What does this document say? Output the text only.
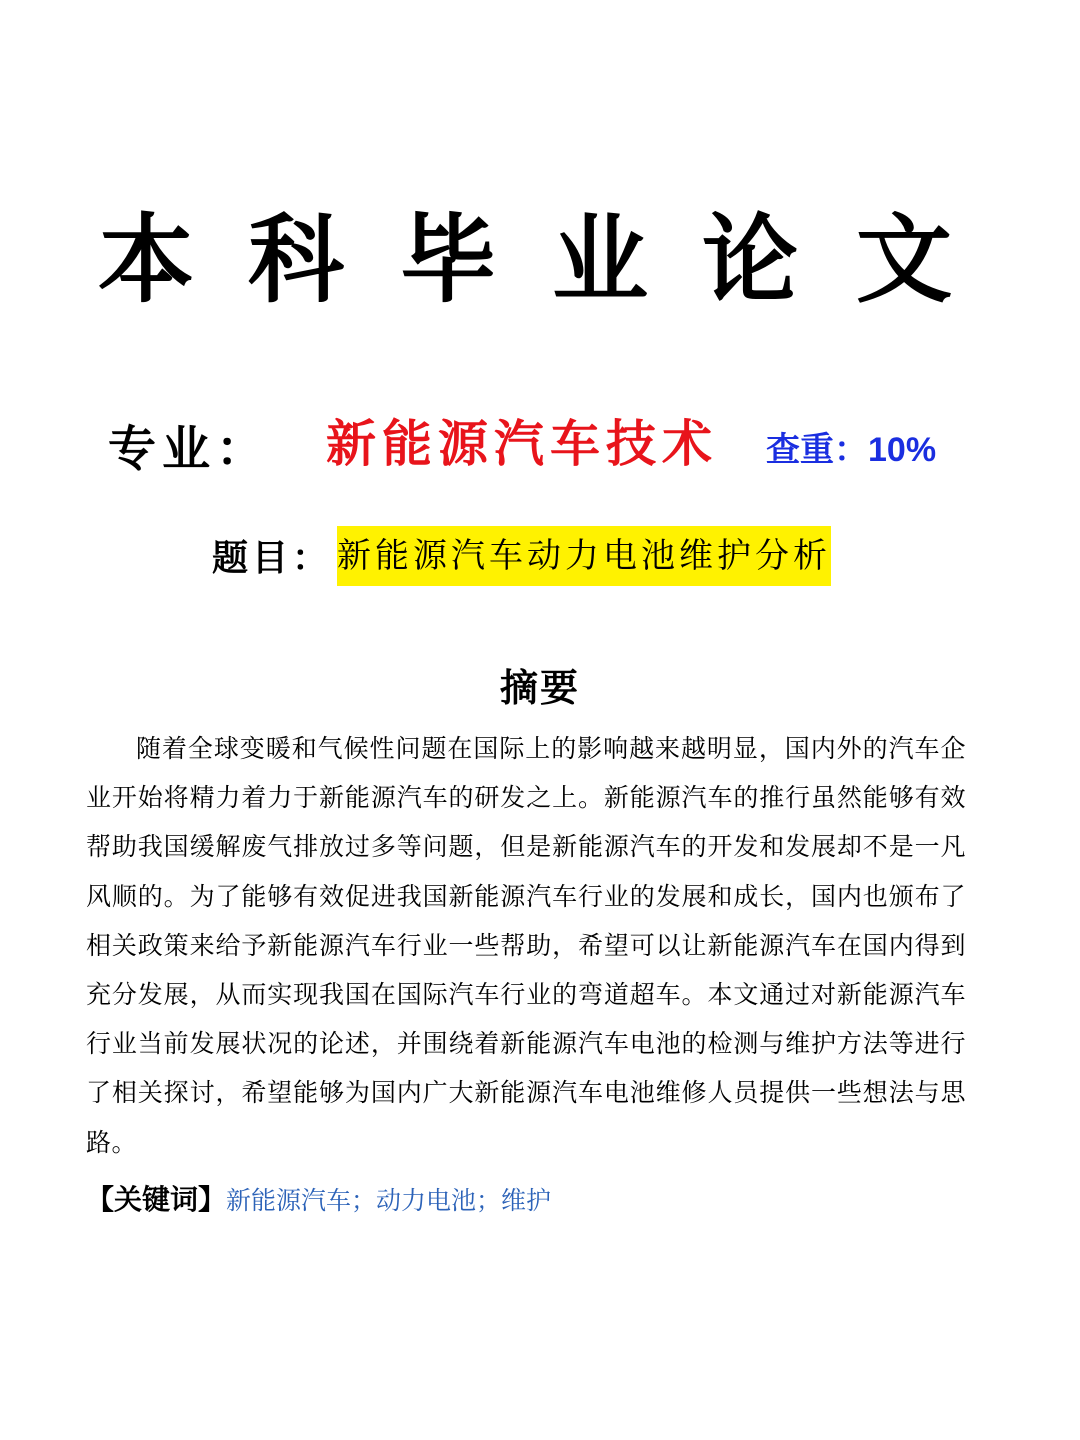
本 科 毕 业 论 文
专业： 新能源汽车技术 查重：10%
题目： 新能源汽车动力电池维护分析
摘要

随着全球变暖和气候性问题在国际上的影响越来越明显，国内外的汽车企业开始将精力着力于新能源汽车的研发之上。新能源汽车的推行虽然能够有效帮助我国缓解废气排放过多等问题，但是新能源汽车的开发和发展却不是一凡风顺的。为了能够有效促进我国新能源汽车行业的发展和成长，国内也颁布了相关政策来给予新能源汽车行业一些帮助，希望可以让新能源汽车在国内得到充分发展，从而实现我国在国际汽车行业的弯道超车。本文通过对新能源汽车行业当前发展状况的论述，并围绕着新能源汽车电池的检测与维护方法等进行了相关探讨，希望能够为国内广大新能源汽车电池维修人员提供一些想法与思路。

【关键词】新能源汽车；动力电池；维护
